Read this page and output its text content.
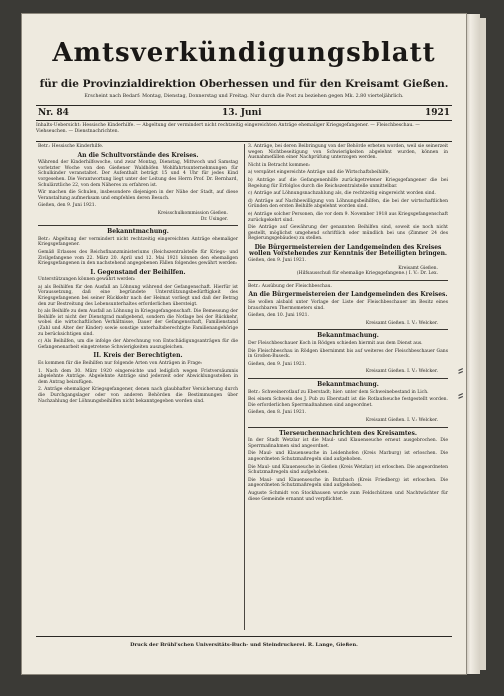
Amtsverkündigungsblatt
für die Provinzialdirektion Oberhessen und für den Kreisamt Gießen.
Erscheint nach Bedarf: Montag, Dienstag, Donnerstag und Freitag. Nur durch die Post zu beziehen gegen Mk. 2.80 vierteljährlich.
Nr. 84	13. Juni	1921
Inhalts-Uebersicht: Hessische Kinderhilfe. — Abgeltung der vermindert nicht rechtzeitig eingereichten Anträge ehemaliger Kriegsgefangener. — Fleischbeschau. — Viehseuchen. — Dienstnachrichten.
Betr.: Hessische Kinderhilfe.
An die Schultvorstände des Kreises.
Während der Kinderhilfswoche, und zwar Montag, Dienstag, Mittwoch und Samstag vorletzter Woche von den Gießener Waldhöfen Wohlfahrtsunternehmungen für Schulkinder veranstaltet. Der Aufenthalt beträgt 15 und 4 Uhr für jedes Kind vorgesehen. Die Verantwortung liegt unter der Leitung des Herrn Prof. Dr. Bernhard, Schulärztliche 22, von dem Näheres zu erfahren ist.
Wir machen die Schulen, insbesondere diejenigen in der Nähe der Stadt, auf diese Veranstaltung aufmerksam und empfehlen deren Besuch.
Gießen, den 9. Juni 1921.
Kreisschulkommission Gießen.
Dr. Usinger.
Bekanntmachung.
Betr.: Abgeltung der vermindert nicht rechtzeitig eingereichten Anträge ehemaliger Kriegsgefangener.
Gemäß Erlasses des Reichsfinanzministeriums (Reichszentralstelle für Kriegs- und Zivilgefangene vom 22. März 20. April und 12. Mai 1921 können den ehemaligen Kriegsgefangenen in den nachstehend angegebenen Fällen folgendes gewährt werden:
I. Gegenstand der Beihilfen.
Unterstützungen können gewährt werden:
a) als Beihilfen für den Ausfall an Löhnung während der Gefangenschaft. Hierfür ist Voraussetzung, daß eine begründete Unterstützungsbedürftigkeit des Kriegsgefangenen bei seiner Rückkehr nach der Heimat vorliegt und daß der Betrag den zur Bestreitung des Lebensunterhaltes erforderlichen übersteigt.
b) als Beihilfe zu dem Ausfall an Löhnung in Kriegsgefangenschaft. Die Bemessung der Beihilfe ist nicht der Dienstgrad maßgebend, sondern die Notlage bei der Rückkehr, wobei die wirtschaftlichen Verhältnisse, Dauer der Gefangenschaft, Familienstand (Zahl und Alter der Kinder) sowie sonstige unterhaltsberechtigte Familienangehörige zu berücksichtigen sind.
c) Als Beihilfen, um die infolge der Abrechnung von Entschädigungsanträgen für die Gefangenenarbeit eingetretene Schwierigkeiten auszugleichen.
II. Kreis der Berechtigten.
Es kommen für die Beihilfen nur folgende Arten von Anträgen in Frage:
1. Nach dem 30. März 1920 eingereichte und lediglich wegen Fristversäumnis abgelehnte Anträge. Abgelehnte Anträge sind jederzeit oder Abwicklungsstellen in dem Antrag beizufügen.
2. Anträge ehemaliger Kriegsgefangener, denen nach glaubhafter Versicherung durch die Durchgangslager oder von anderen Behörden die Bestimmungen über Nachzahlung der Löhnungsbeihilfen nicht bekanntgegeben worden sind.
3. Anträge, bei deren Beibringung von der Behörde erbeten worden, weil sie seinerzeit wegen Nichtbeseitigung von Schwierigkeiten abgelehnt wurden, können in Ausnahmefällen einer Nachprüfung unterzogen werden.
Nicht in Betracht kommen:
a) verspätet eingereichte Anträge und die Wirtschaftsbeihilfe,
b) Anträge auf die Gefangenenhilfe zurückgetretener Kriegsgefangener die bei Regelung für Erfolglos durch die Reichszentralstelle unmittelbar.
c) Anträge auf Löhnungsnachzahlung als, die rechtzeitig eingereicht worden sind.
d) Anträge auf Nachbewilligung von Löhnungsbeihilfen, die bei der wirtschaftlichen Gründen den ersten Beihilfe abgelehnt worden sind.
e) Anträge solcher Personen, die vor dem 9. November 1918 aus Kriegsgefangenschaft zurückgekehrt sind.
Die Anträge auf Gewährung der genannten Beihilfen sind, soweit sie noch nicht gestellt, möglichst umgehend schriftlich oder mündlich bei uns (Zimmer 24 des Regierungsgebäudes) zu stellen.
Die Bürgermeistereien der Landgemeinden des Kreises wollen Vorstehendes zur Kenntnis der Beteiligten bringen.
Gießen, den 9. Juni 1921.
Kreisamt Gießen.
(Hilfsausschuß für ehemalige Kriegsgefangene.) I. V.: Dr. Lex.
Betr.: Ausübung der Fleischbeschau.
An die Bürgermeistereien der Landgemeinden des Kreises.
Sie wollen alsbald unter Vorlage der Liste der Fleischbeschauer im Besitz eines brauchbaren Thermometers sind.
Gießen, den 10. Juni 1921.
Kreisamt Gießen. I. V.: Welcker.
Bekanntmachung.
Der Fleischbeschauer Koch in Rödgen schieden hiermit aus dem Dienst aus.
Die Fleischbeschau in Rödgen übernimmt bis auf weiteres der Fleischbeschauer Gans in Großen-Buseck.
Gießen, den 9. Juni 1921.
Kreisamt Gießen. I. V.: Welcker.
Bekanntmachung.
Betr.: Schweinerotlauf zu Eberstadt; hier: unter dem Schweinebestand in Lich.
Bei einem Schwein des J. Pub zu Eberstadt ist die Rotlaufseuche festgestellt worden. Die erforderlichen Sperrmaßnahmen sind angeordnet.
Gießen, den 8. Juni 1921.
Kreisamt Gießen. I. V.: Welcker.
Tierseuchennachrichten des Kreisamtes.
In der Stadt Wetzlar ist die Maul- und Klauenseuche erneut ausgebrochen. Die Sperrmaßnahmen sind angeordnet.
Die Maul- und Klauenseuche in Leidenhofen (Kreis Marburg) ist erloschen. Die angeordneten Schutzmaßregeln sind aufgehoben.
Die Maul- und Klauenseuche in Gießen (Kreis Wetzlar) ist erloschen. Die angeordneten Schutzmaßregeln sind aufgehoben.
Die Maul- und Klauenseuche in Butzbach (Kreis Friedberg) ist erloschen. Die angeordneten Schutzmaßregeln sind aufgehoben.
Auguste Schmidt von Stockhausen wurde zum Feldschützen und Nachtwächter für diese Gemeinde ernannt und verpflichtet.
Druck der Brühl'schen Universitäts-Buch- und Steindruckerei. R. Lange, Gießen.
⸗
⸗
